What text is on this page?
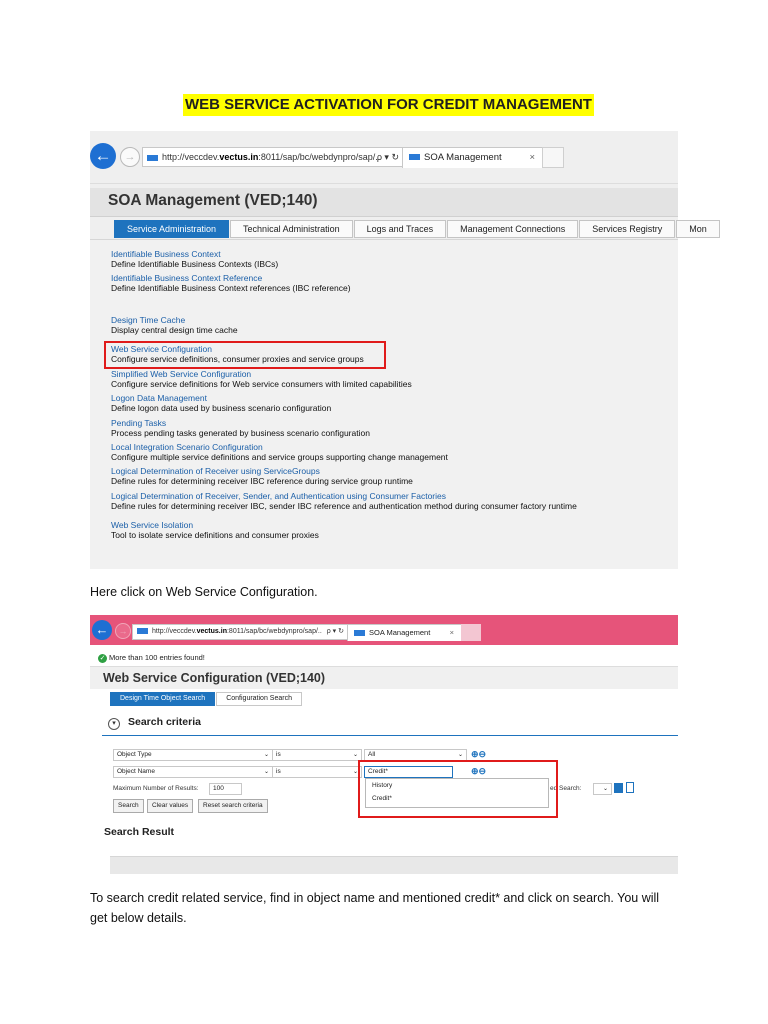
WEB SERVICE ACTIVATION FOR CREDIT MANAGEMENT
←	→	http://veccdev.vectus.in:8011/sap/bc/webdynpro/sap/..
ρ ▾ ↻	SOA Management	×
SOA Management (VED;140)
Service Administration	Technical Administration	Logs and Traces	Management Connections	Services Registry	Mon
Identifiable Business Context
Define Identifiable Business Contexts (IBCs)
Identifiable Business Context Reference
Define Identifiable Business Context references (IBC reference)
Design Time Cache
Display central design time cache
Web Service Configuration
Configure service definitions, consumer proxies and service groups
Simplified Web Service Configuration
Configure service definitions for Web service consumers with limited capabilities
Logon Data Management
Define logon data used by business scenario configuration
Pending Tasks
Process pending tasks generated by business scenario configuration
Local Integration Scenario Configuration
Configure multiple service definitions and service groups supporting change management
Logical Determination of Receiver using ServiceGroups
Define rules for determining receiver IBC reference during service group runtime
Logical Determination of Receiver, Sender, and Authentication using Consumer Factories
Define rules for determining receiver IBC, sender IBC reference and authentication method during consumer factory runtime
Web Service Isolation
Tool to isolate service definitions and consumer proxies
Here click on Web Service Configuration.
←	→	http://veccdev.vectus.in:8011/sap/bc/webdynpro/sap/.. ρ ▾ ↻	SOA Management	×
✓ More than 100 entries found!
Web Service Configuration (VED;140)
Design Time Object Search	Configuration Search
▾	Search criteria
Object Type	⌄	is	⌄	All	⌄ ⊕⊖
Object Name	⌄	is	⌄	Credit*	⊕⊖
Maximum Number of Results:	100
Search	Clear values	Reset search criteria
ed Search:	⌄
History
Credit*
Search Result
To search credit related service, find in object name and mentioned credit* and click on search. You will
get below details.
